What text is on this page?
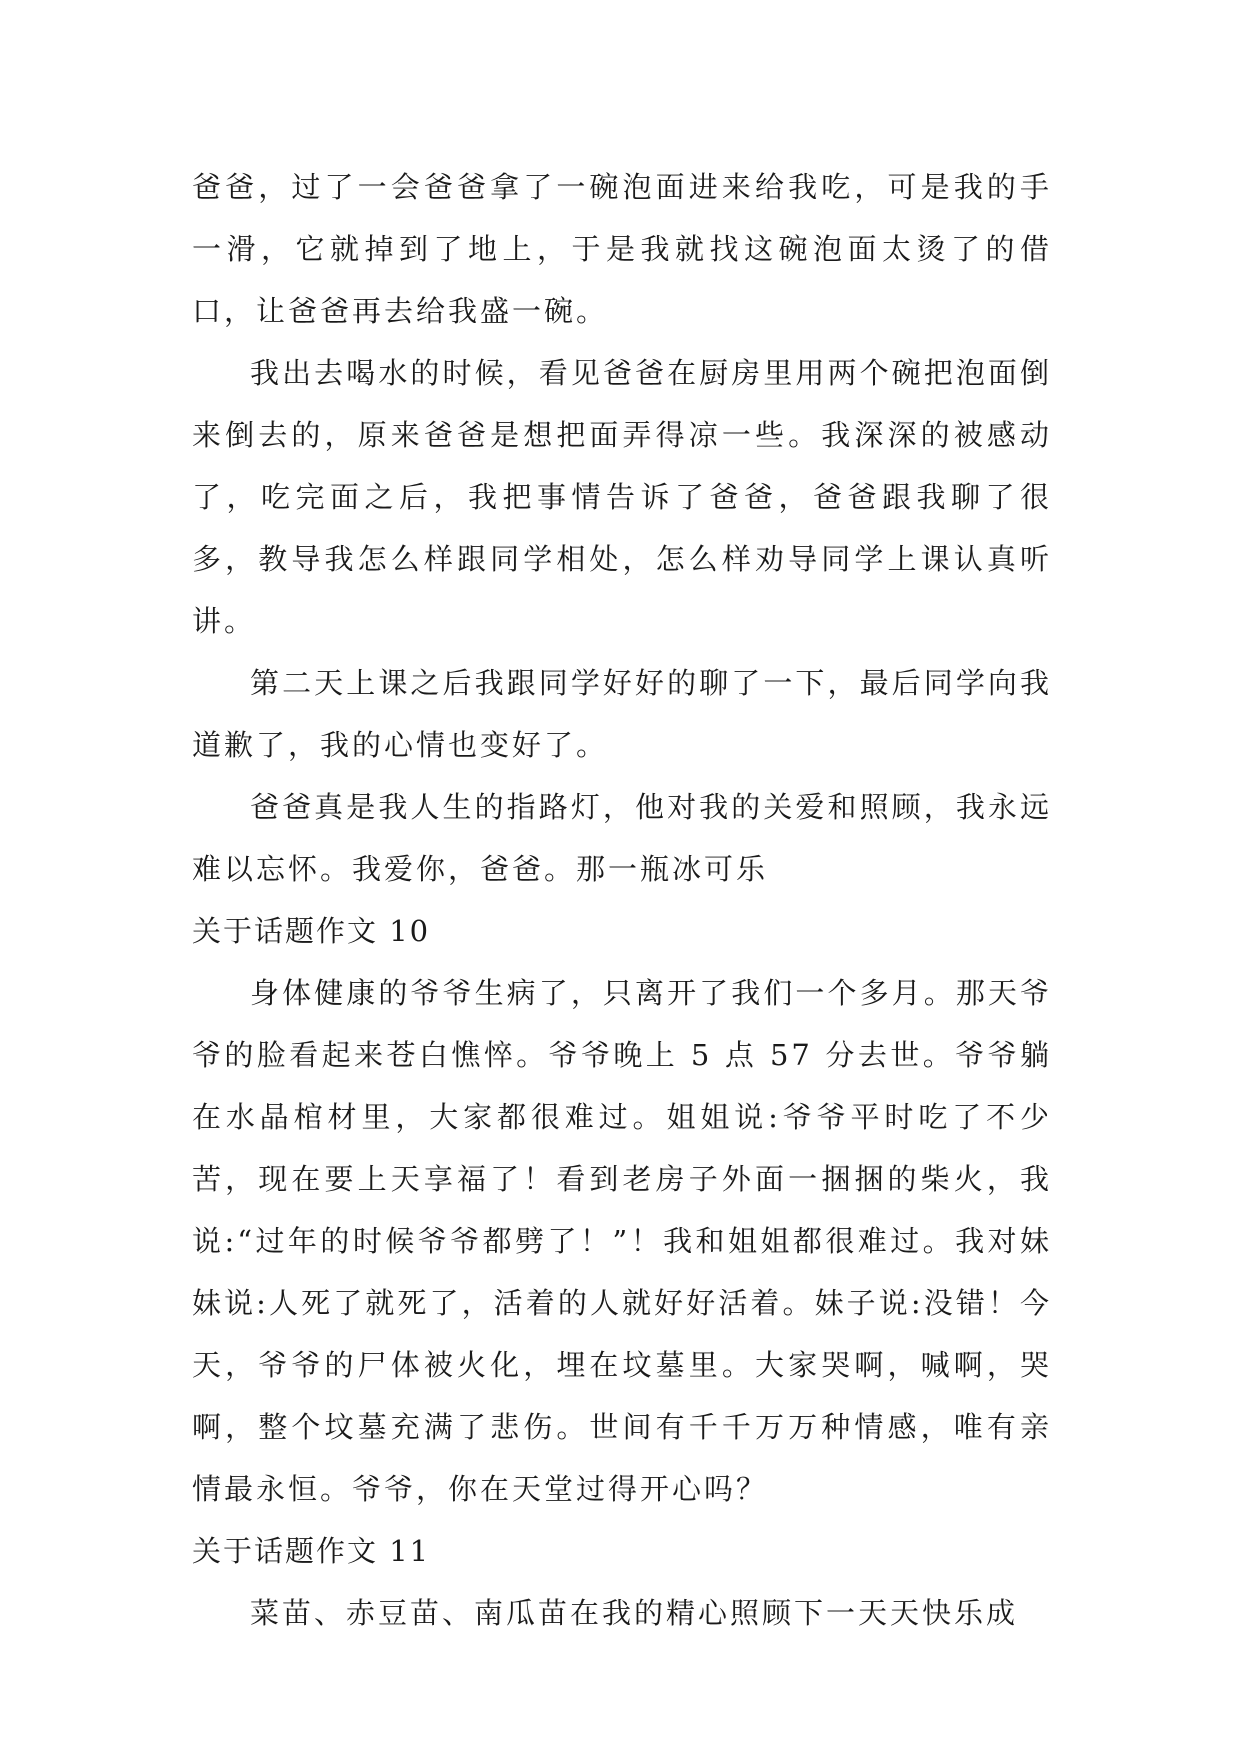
爸爸，过了一会爸爸拿了一碗泡面进来给我吃，可是我的手一滑，它就掉到了地上，于是我就找这碗泡面太烫了的借口，让爸爸再去给我盛一碗。

我出去喝水的时候，看见爸爸在厨房里用两个碗把泡面倒来倒去的，原来爸爸是想把面弄得凉一些。我深深的被感动了，吃完面之后，我把事情告诉了爸爸，爸爸跟我聊了很多，教导我怎么样跟同学相处，怎么样劝导同学上课认真听讲。

第二天上课之后我跟同学好好的聊了一下，最后同学向我道歉了，我的心情也变好了。

爸爸真是我人生的指路灯，他对我的关爱和照顾，我永远难以忘怀。我爱你，爸爸。那一瓶冰可乐

关于话题作文 10

身体健康的爷爷生病了，只离开了我们一个多月。那天爷爷的脸看起来苍白憔悴。爷爷晚上 5 点 57 分去世。爷爷躺在水晶棺材里，大家都很难过。姐姐说:爷爷平时吃了不少苦，现在要上天享福了！看到老房子外面一捆捆的柴火，我说:“过年的时候爷爷都劈了！”！我和姐姐都很难过。我对妹妹说:人死了就死了，活着的人就好好活着。妹子说:没错！今天，爷爷的尸体被火化，埋在坟墓里。大家哭啊，喊啊，哭啊，整个坟墓充满了悲伤。世间有千千万万种情感，唯有亲情最永恒。爷爷，你在天堂过得开心吗？

关于话题作文 11

菜苗、赤豆苗、南瓜苗在我的精心照顾下一天天快乐成
